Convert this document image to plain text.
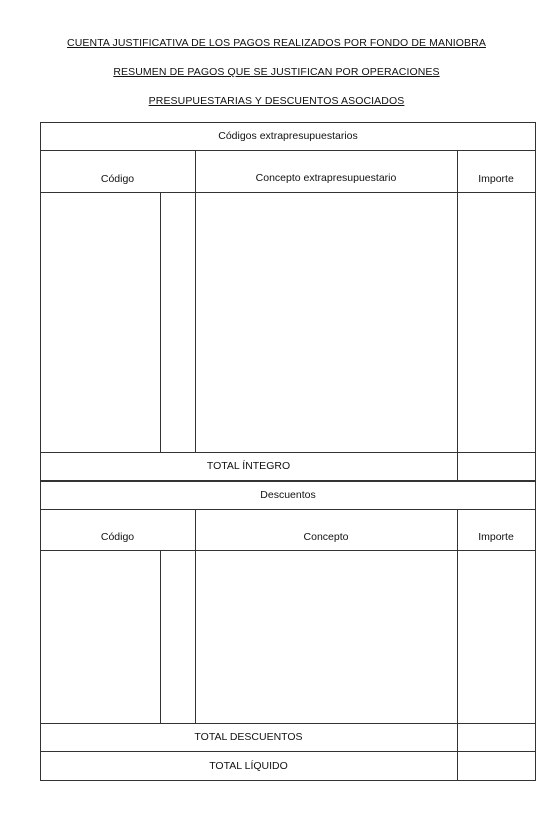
CUENTA JUSTIFICATIVA DE LOS PAGOS REALIZADOS POR FONDO DE MANIOBRA
RESUMEN DE PAGOS QUE SE JUSTIFICAN POR OPERACIONES
PRESUPUESTARIAS Y DESCUENTOS ASOCIADOS
Códigos extrapresupuestarios
Código	Concepto extrapresupuestario	Importe
TOTAL ÍNTEGRO
Descuentos
Código	Concepto	Importe
TOTAL DESCUENTOS
TOTAL LÍQUIDO
